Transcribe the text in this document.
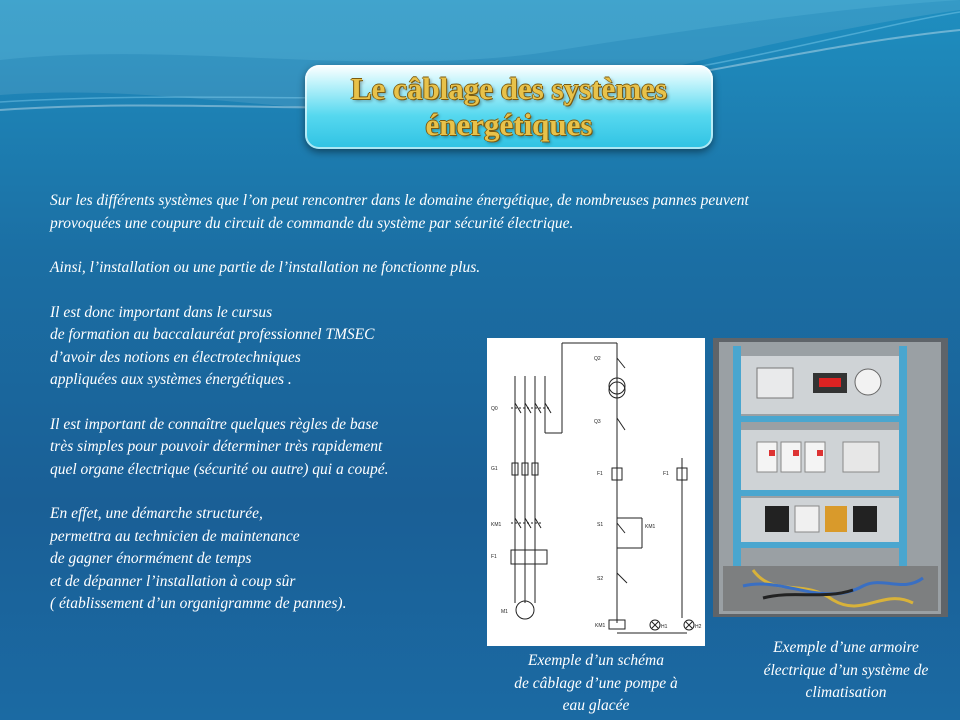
Le câblage des systèmes
énergétiques

Sur les différents systèmes que l’on peut rencontrer dans le domaine énergétique, de nombreuses pannes peuvent
provoquées une coupure du circuit de commande du système par sécurité électrique.

Ainsi, l’installation ou une partie de l’installation ne fonctionne plus.

Il est donc important dans le cursus
de formation au baccalauréat professionnel TMSEC
d’avoir des notions en électrotechniques
appliquées aux systèmes énergétiques .

Il est important de connaître quelques règles de base
très simples pour pouvoir déterminer très rapidement
quel organe électrique (sécurité ou autre) qui a coupé.

En effet, une démarche structurée,
permettra au technicien de maintenance
de gagner énormément de temps
et de dépanner l’installation à coup sûr
( établissement d’un organigramme de pannes).

Q2
Q0
Q3
G1
F1	F1
S1	KM1
KM1
F1
S2
KM1
M1
H1	H2
Exemple d’un schéma
de câblage d’une pompe à
eau glacée
Exemple d’une armoire
électrique d’un système de
climatisation
